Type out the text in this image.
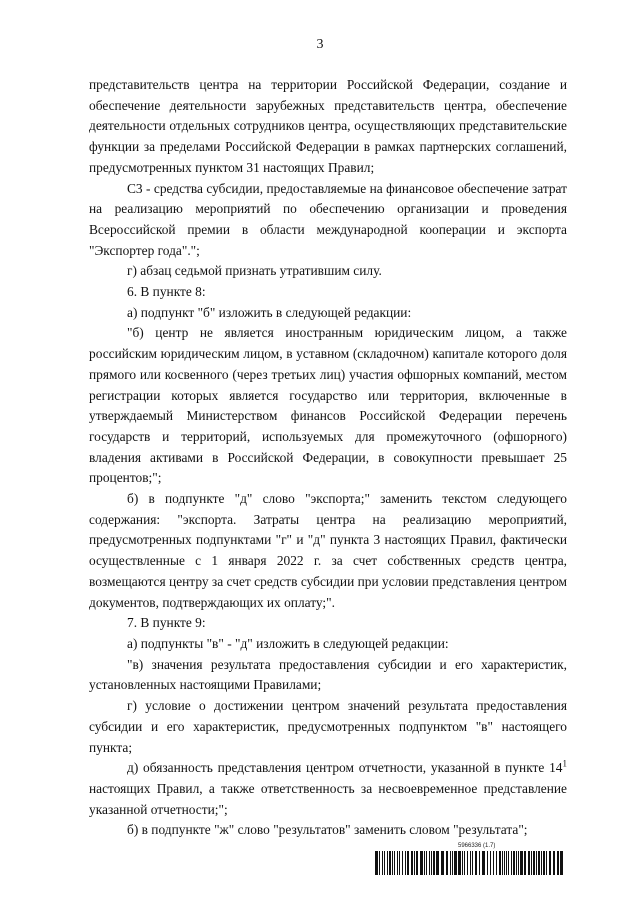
3

представительств центра на территории Российской Федерации, создание и обеспечение деятельности зарубежных представительств центра, обеспечение деятельности отдельных сотрудников центра, осуществляющих представительские функции за пределами Российской Федерации в рамках партнерских соглашений, предусмотренных пунктом 31 настоящих Правил;

С3 - средства субсидии, предоставляемые на финансовое обеспечение затрат на реализацию мероприятий по обеспечению организации и проведения Всероссийской премии в области международной кооперации и экспорта "Экспортер года".";

г) абзац седьмой признать утратившим силу.

6. В пункте 8:

а) подпункт "б" изложить в следующей редакции:

"б) центр не является иностранным юридическим лицом, а также российским юридическим лицом, в уставном (складочном) капитале которого доля прямого или косвенного (через третьих лиц) участия офшорных компаний, местом регистрации которых является государство или территория, включенные в утверждаемый Министерством финансов Российской Федерации перечень государств и территорий, используемых для промежуточного (офшорного) владения активами в Российской Федерации, в совокупности превышает 25 процентов;";

б) в подпункте "д" слово "экспорта;" заменить текстом следующего содержания: "экспорта. Затраты центра на реализацию мероприятий, предусмотренных подпунктами "г" и "д" пункта 3 настоящих Правил, фактически осуществленные с 1 января 2022 г. за счет собственных средств центра, возмещаются центру за счет средств субсидии при условии представления центром документов, подтверждающих их оплату;".

7. В пункте 9:

а) подпункты "в" - "д" изложить в следующей редакции:

"в) значения результата предоставления субсидии и его характеристик, установленных настоящими Правилами;

г) условие о достижении центром значений результата предоставления субсидии и его характеристик, предусмотренных подпунктом "в" настоящего пункта;

д) обязанность представления центром отчетности, указанной в пункте $14^1$ настоящих Правил, а также ответственность за несвоевременное представление указанной отчетности;";

б) в подпункте "ж" слово "результатов" заменить словом "результата";

5966336 (1.7)
